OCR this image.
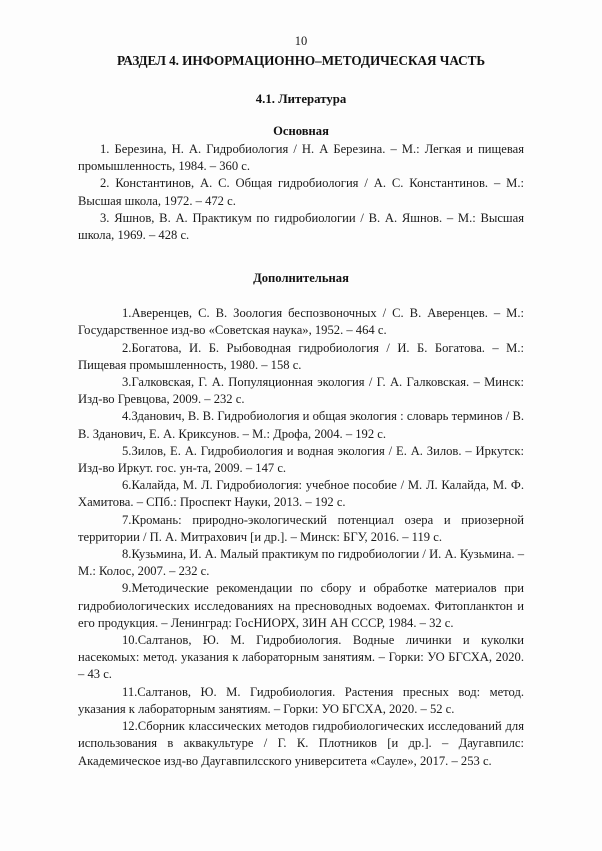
10
РАЗДЕЛ 4. ИНФОРМАЦИОННО–МЕТОДИЧЕСКАЯ ЧАСТЬ
4.1. Литература
Основная
1. Березина, Н. А. Гидробиология / Н. А Березина. – М.: Легкая и пищевая промышленность, 1984. – 360 с.
2. Константинов, А. С. Общая гидробиология / А. С. Константинов. – М.: Высшая школа, 1972. – 472 с.
3. Яшнов, В. А. Практикум по гидробиологии / В. А. Яшнов. – М.: Высшая школа, 1969. – 428 с.
Дополнительная
1.Аверенцев, С. В. Зоология беспозвоночных / С. В. Аверенцев. – М.: Государственное изд-во «Советская наука», 1952. – 464 с.
2.Богатова, И. Б. Рыбоводная гидробиология / И. Б. Богатова. – М.: Пищевая промышленность, 1980. – 158 с.
3.Галковская, Г. А. Популяционная экология / Г. А. Галковская. – Минск: Изд-во Гревцова, 2009. – 232 с.
4.Зданович, В. В. Гидробиология и общая экология : словарь терминов / В. В. Зданович, Е. А. Криксунов. – М.: Дрофа, 2004. – 192 с.
5.Зилов, Е. А. Гидробиология и водная экология / Е. А. Зилов. – Иркутск: Изд-во Иркут. гос. ун-та, 2009. – 147 с.
6.Калайда, М. Л. Гидробиология: учебное пособие / М. Л. Калайда, М. Ф. Хамитова. – СПб.: Проспект Науки, 2013. – 192 с.
7.Кромань: природно-экологический потенциал озера и приозерной территории / П. А. Митрахович [и др.]. – Минск: БГУ, 2016. – 119 с.
8.Кузьмина, И. А. Малый практикум по гидробиологии / И. А. Кузьмина. – М.: Колос, 2007. – 232 с.
9.Методические рекомендации по сбору и обработке материалов при гидробиологических исследованиях на пресноводных водоемах. Фитопланктон и его продукция. – Ленинград: ГосНИОРХ, ЗИН АН СССР, 1984. – 32 с.
10.Салтанов, Ю. М. Гидробиология. Водные личинки и куколки насекомых: метод. указания к лабораторным занятиям. – Горки: УО БГСХА, 2020. – 43 с.
11.Салтанов, Ю. М. Гидробиология. Растения пресных вод: метод. указания к лабораторным занятиям. – Горки: УО БГСХА, 2020. – 52 с.
12.Сборник классических методов гидробиологических исследований для использования в аквакультуре / Г. К. Плотников [и др.]. – Даугавпилс: Академическое изд-во Даугавпилсского университета «Сауле», 2017. – 253 с.
